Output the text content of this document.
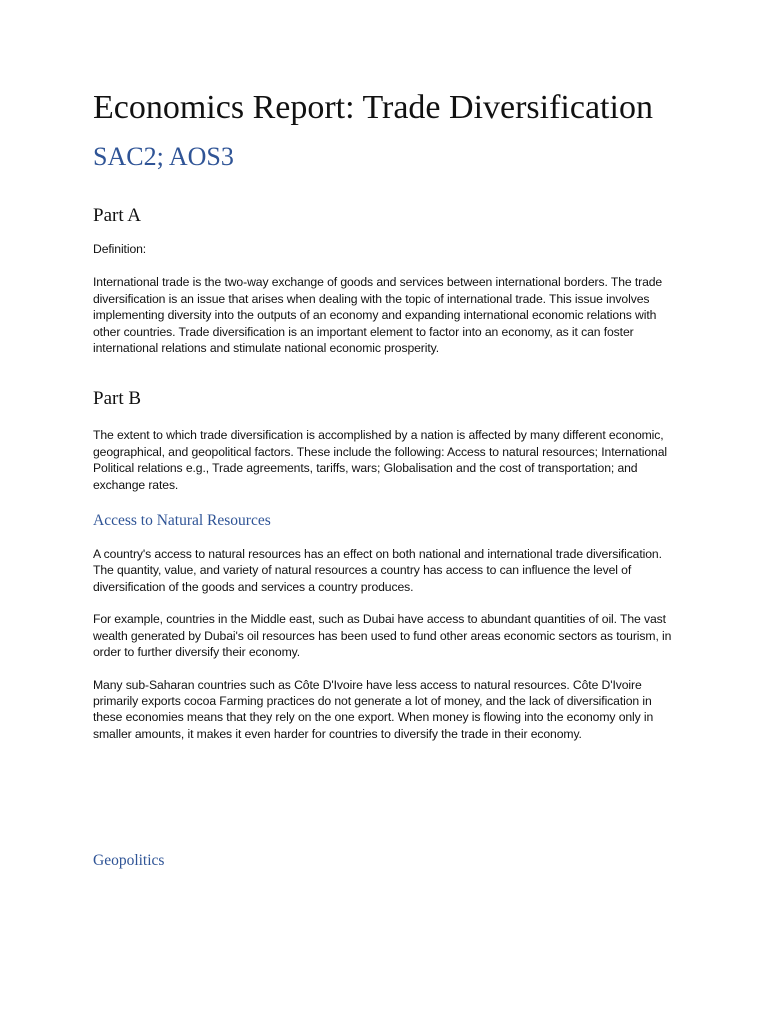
Economics Report: Trade Diversification
SAC2; AOS3
Part A

Definition:

International trade is the two-way exchange of goods and services between international borders. The trade diversification is an issue that arises when dealing with the topic of international trade. This issue involves implementing diversity into the outputs of an economy and expanding international economic relations with other countries. Trade diversification is an important element to factor into an economy, as it can foster international relations and stimulate national economic prosperity.

Part B

The extent to which trade diversification is accomplished by a nation is affected by many different economic, geographical, and geopolitical factors. These include the following: Access to natural resources; International Political relations e.g., Trade agreements, tariffs, wars; Globalisation and the cost of transportation; and exchange rates.

Access to Natural Resources

A country's access to natural resources has an effect on both national and international trade diversification. The quantity, value, and variety of natural resources a country has access to can influence the level of diversification of the goods and services a country produces.

For example, countries in the Middle east, such as Dubai have access to abundant quantities of oil. The vast wealth generated by Dubai's oil resources has been used to fund other areas economic sectors as tourism, in order to further diversify their economy.

Many sub-Saharan countries such as Côte D'Ivoire have less access to natural resources. Côte D'Ivoire primarily exports cocoa Farming practices do not generate a lot of money, and the lack of diversification in these economies means that they rely on the one export. When money is flowing into the economy only in smaller amounts, it makes it even harder for countries to diversify the trade in their economy.

Geopolitics
